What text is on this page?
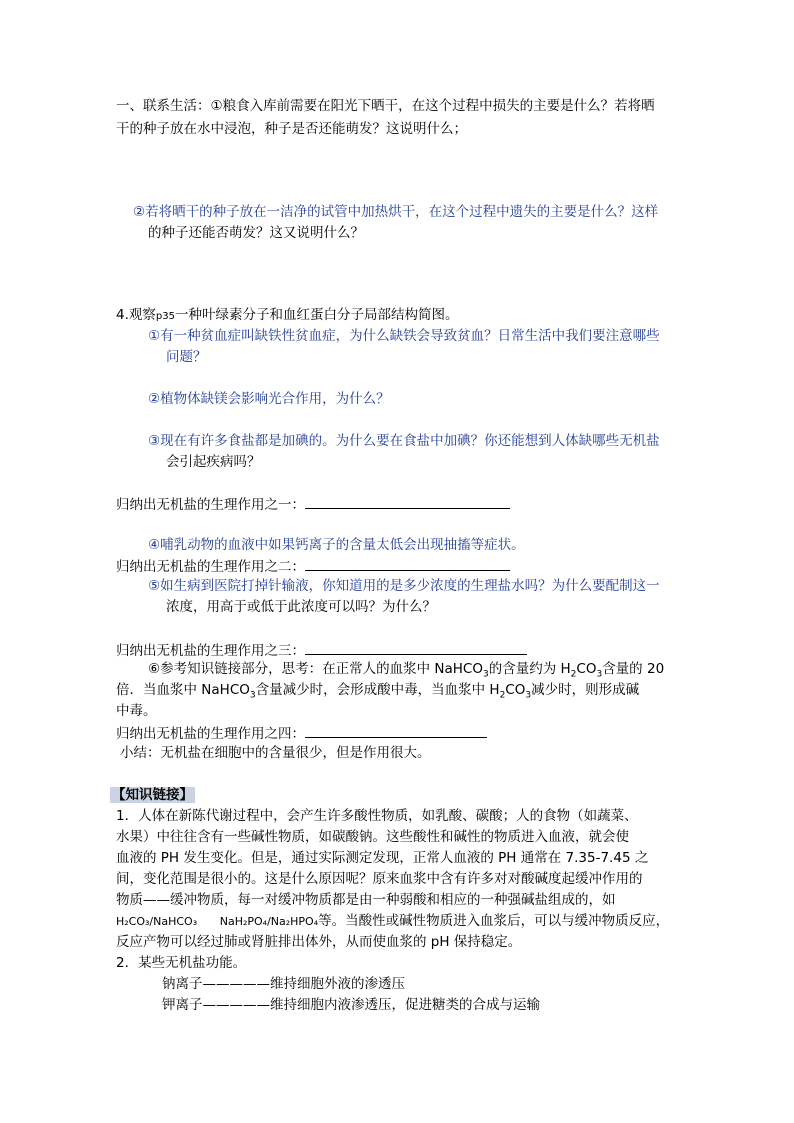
一、联系生活：①粮食入库前需要在阳光下晒干，在这个过程中损失的主要是什么？若将晒
干的种子放在水中浸泡，种子是否还能萌发？这说明什么；
②若将晒干的种子放在一洁净的试管中加热烘干，在这个过程中遗失的主要是什么？这样
的种子还能否萌发？这又说明什么？
4.观察p35一种叶绿素分子和血红蛋白分子局部结构简图。
①有一种贫血症叫缺铁性贫血症，为什么缺铁会导致贫血？日常生活中我们要注意哪些
问题？
②植物体缺镁会影响光合作用，为什么？
③现在有许多食盐都是加碘的。为什么要在食盐中加碘？你还能想到人体缺哪些无机盐
会引起疾病吗？
归纳出无机盐的生理作用之一：
④哺乳动物的血液中如果钙离子的含量太低会出现抽搐等症状。
归纳出无机盐的生理作用之二：
⑤如生病到医院打掉针输液，你知道用的是多少浓度的生理盐水吗？为什么要配制这一
浓度，用高于或低于此浓度可以吗？为什么？
归纳出无机盐的生理作用之三：
⑥参考知识链接部分，思考：在正常人的血浆中 NaHCO$_3$的含量约为 $H_2CO_3$含量的 20
倍．当血浆中 NaHCO$_3$含量减少时，会形成酸中毒，当血浆中 $H_2CO_3$减少时，则形成碱
中毒。
归纳出无机盐的生理作用之四：
小结：无机盐在细胞中的含量很少，但是作用很大。
【知识链接】
1．人体在新陈代谢过程中，会产生许多酸性物质，如乳酸、碳酸；人的食物（如蔬菜、
水果）中往往含有一些碱性物质，如碳酸钠。这些酸性和碱性的物质进入血液，就会使
血液的 PH 发生变化。但是，通过实际测定发现，正常人血液的 PH 通常在 7.35-7.45 之
间，变化范围是很小的。这是什么原因呢？原来血浆中含有许多对对酸碱度起缓冲作用的
物质——缓冲物质，每一对缓冲物质都是由一种弱酸和相应的一种强碱盐组成的，如
H₂CO₃/NaHCO₃ NaH₂PO₄/Na₂HPO₄等。当酸性或碱性物质进入血浆后，可以与缓冲物质反应，
反应产物可以经过肺或肾脏排出体外，从而使血浆的 pH 保持稳定。
2．某些无机盐功能。
钠离子—————维持细胞外液的渗透压
钾离子—————维持细胞内液渗透压，促进糖类的合成与运输
